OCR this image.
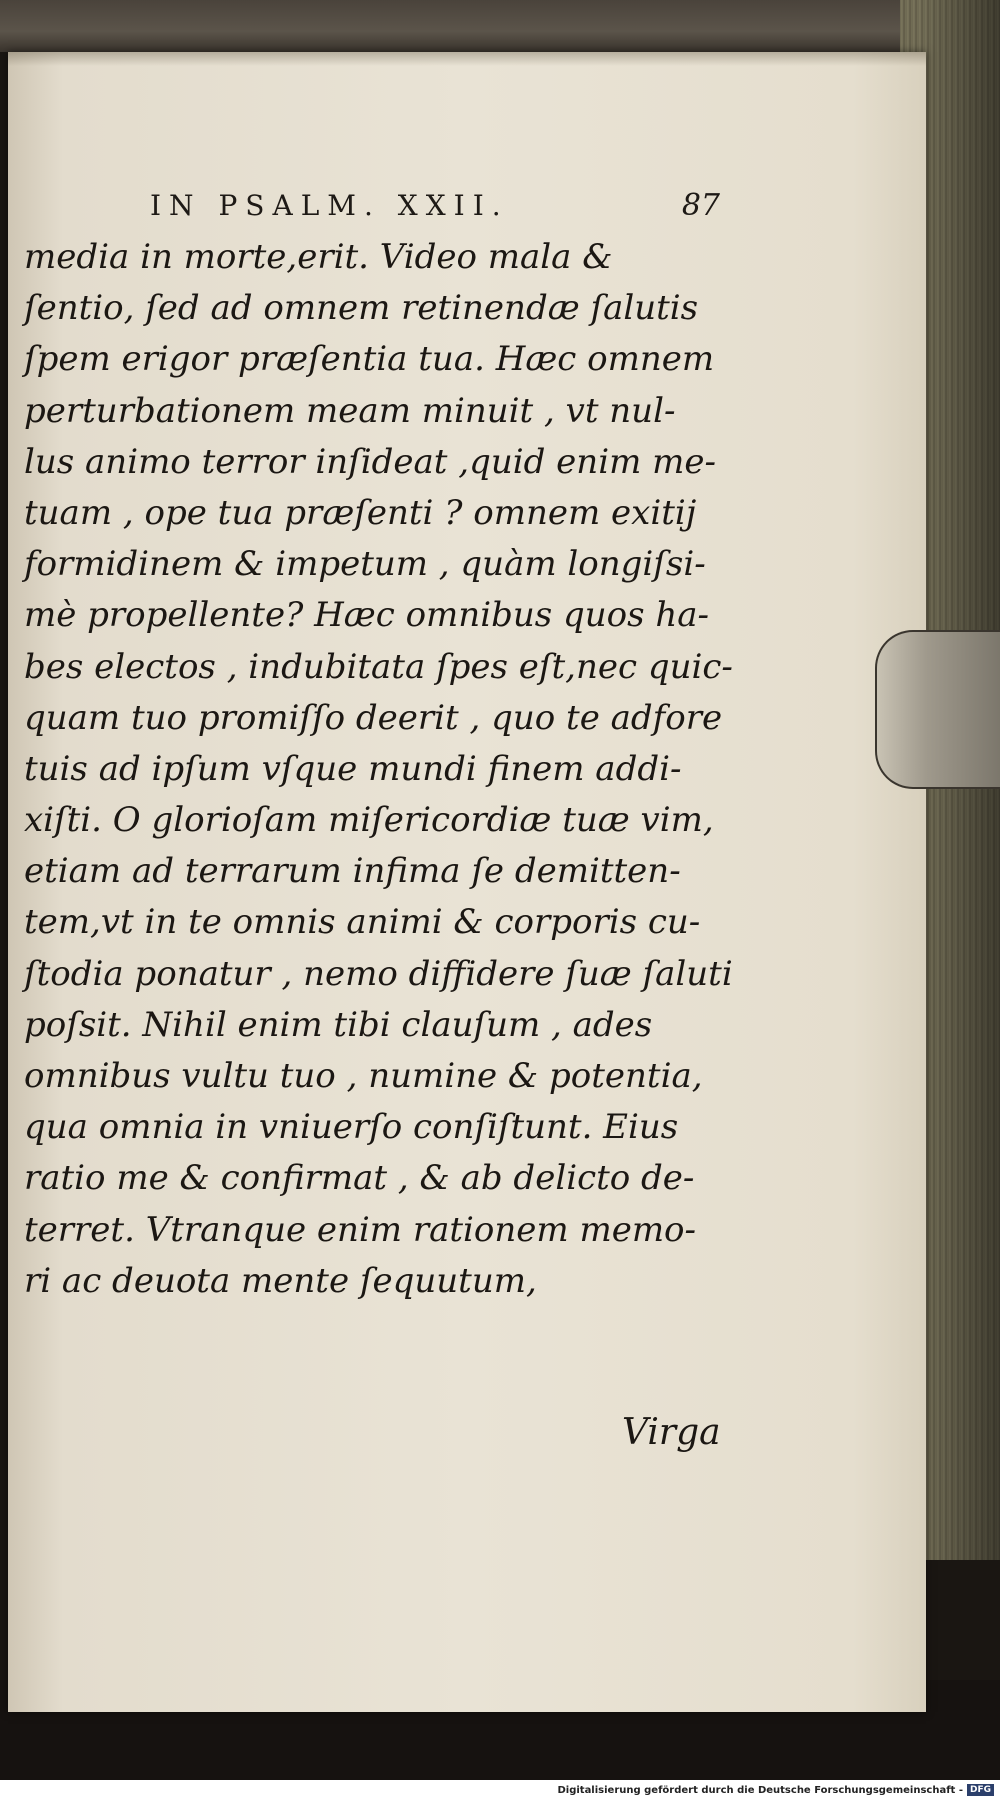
IN PSALM. XXII.	87
media in morte,erit. Video mala &
ſentio, ſed ad omnem retinendæ ſalutis
ſpem erigor præſentia tua. Hæc omnem
perturbationem meam minuit , vt nul-
lus animo terror inſideat ,quid enim me-
tuam , ope tua præſenti ? omnem exitij
formidinem & impetum , quàm longiſsi-
mè propellente? Hæc omnibus quos ha-
bes electos , indubitata ſpes eſt,nec quic-
quam tuo promiſſo deerit , quo te adfore
tuis ad ipſum vſque mundi finem addi-
xiſti. O glorioſam miſericordiæ tuæ vim,
etiam ad terrarum infima ſe demitten-
tem,vt in te omnis animi & corporis cu-
ſtodia ponatur , nemo diffidere ſuæ ſaluti
poſsit. Nihil enim tibi clauſum , ades
omnibus vultu tuo , numine & potentia,
qua omnia in vniuerſo conſiſtunt. Eius
ratio me & confirmat , & ab delicto de-
terret. Vtranque enim rationem memo-
ri ac deuota mente ſequutum,
Virga
Digitalisierung gefördert durch die Deutsche Forschungsgemeinschaft - DFG
